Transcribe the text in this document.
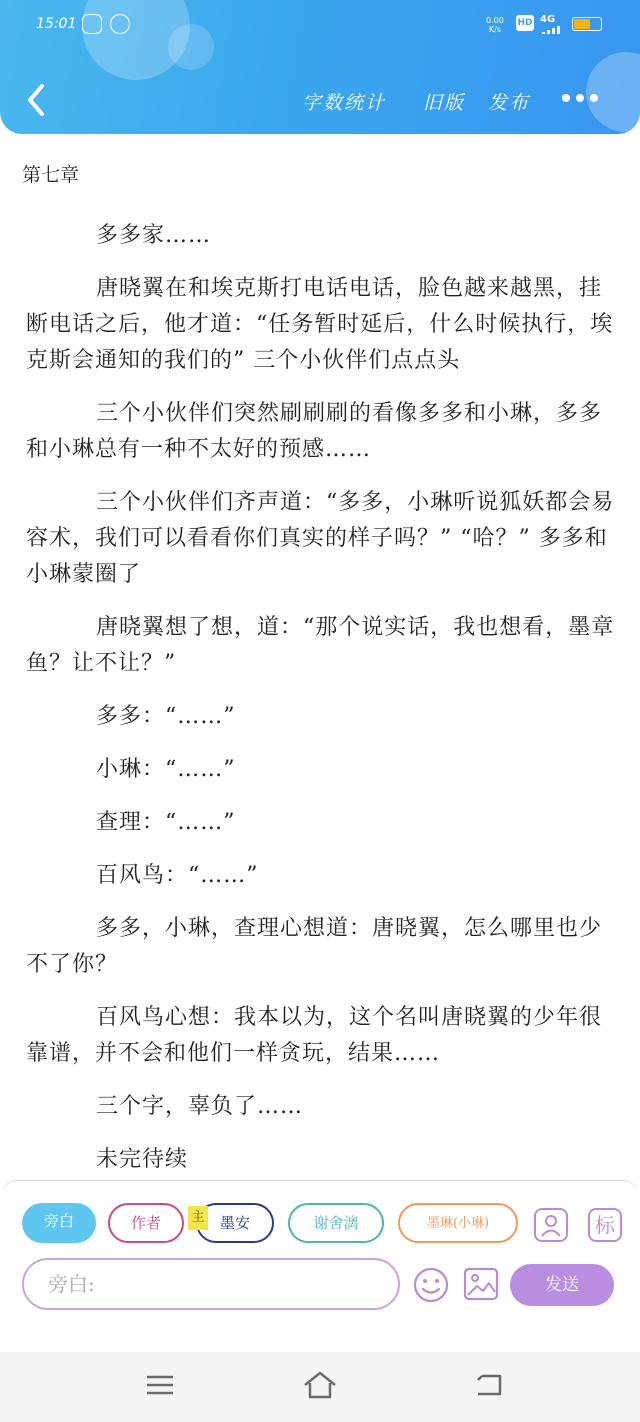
15:01	0.00
K/s
HD 4G
字数统计 旧版 发布
第七章

多多家……

唐晓翼在和埃克斯打电话电话，脸色越来越黑，挂断电话之后，他才道：“任务暂时延后，什么时候执行，埃克斯会通知的我们的” 三个小伙伴们点点头

三个小伙伴们突然刷刷刷的看像多多和小琳，多多和小琳总有一种不太好的预感……

三个小伙伴们齐声道：“多多，小琳听说狐妖都会易容术，我们可以看看你们真实的样子吗？” “哈？” 多多和小琳蒙圈了

唐晓翼想了想，道：“那个说实话，我也想看，墨章鱼？让不让？”

多多：“……”

小琳：“……”

查理：“……”

百风鸟：“……”

多多，小琳，查理心想道：唐晓翼，怎么哪里也少不了你？

百风鸟心想：我本以为，这个名叫唐晓翼的少年很靠谱，并不会和他们一样贪玩，结果……

三个字，辜负了……

未完待续

旁白	作者	墨安
主	谢舍漓	墨琳(小琳)	标
旁白:
发送
